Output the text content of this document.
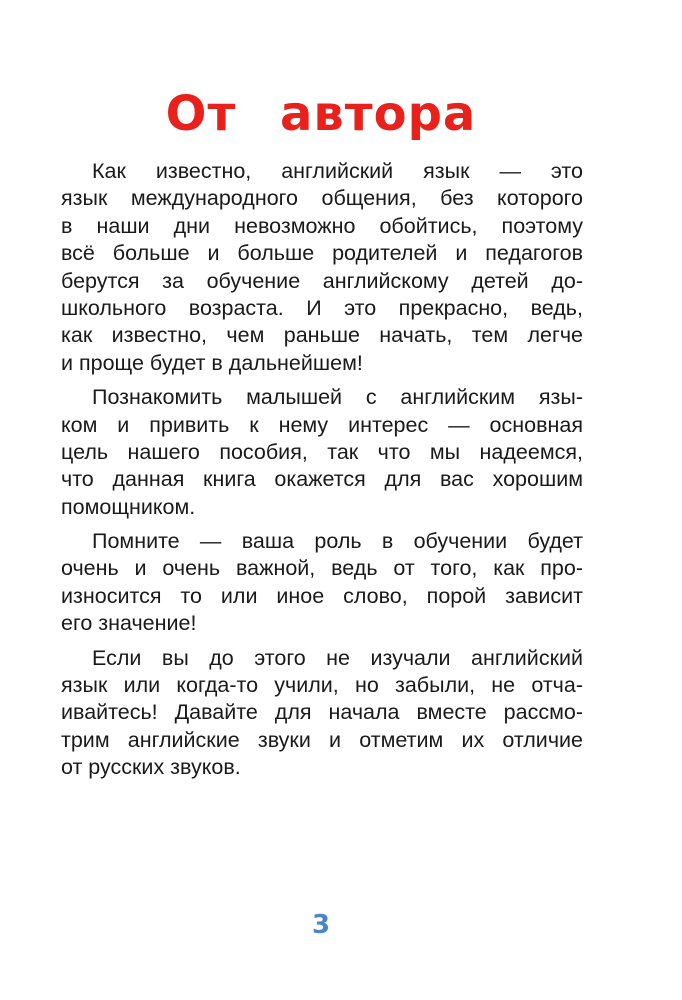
От автора
Как известно, английский язык — это
язык международного общения, без которого
в наши дни невозможно обойтись, поэтому
всё больше и больше родителей и педагогов
берутся за обучение английскому детей до-
школьного возраста. И это прекрасно, ведь,
как известно, чем раньше начать, тем легче
и проще будет в дальнейшем!
Познакомить малышей с английским язы-
ком и привить к нему интерес — основная
цель нашего пособия, так что мы надеемся,
что данная книга окажется для вас хорошим
помощником.
Помните — ваша роль в обучении будет
очень и очень важной, ведь от того, как про-
износится то или иное слово, порой зависит
его значение!
Если вы до этого не изучали английский
язык или когда-то учили, но забыли, не отча-
ивайтесь! Давайте для начала вместе рассмо-
трим английские звуки и отметим их отличие
от русских звуков.
3
